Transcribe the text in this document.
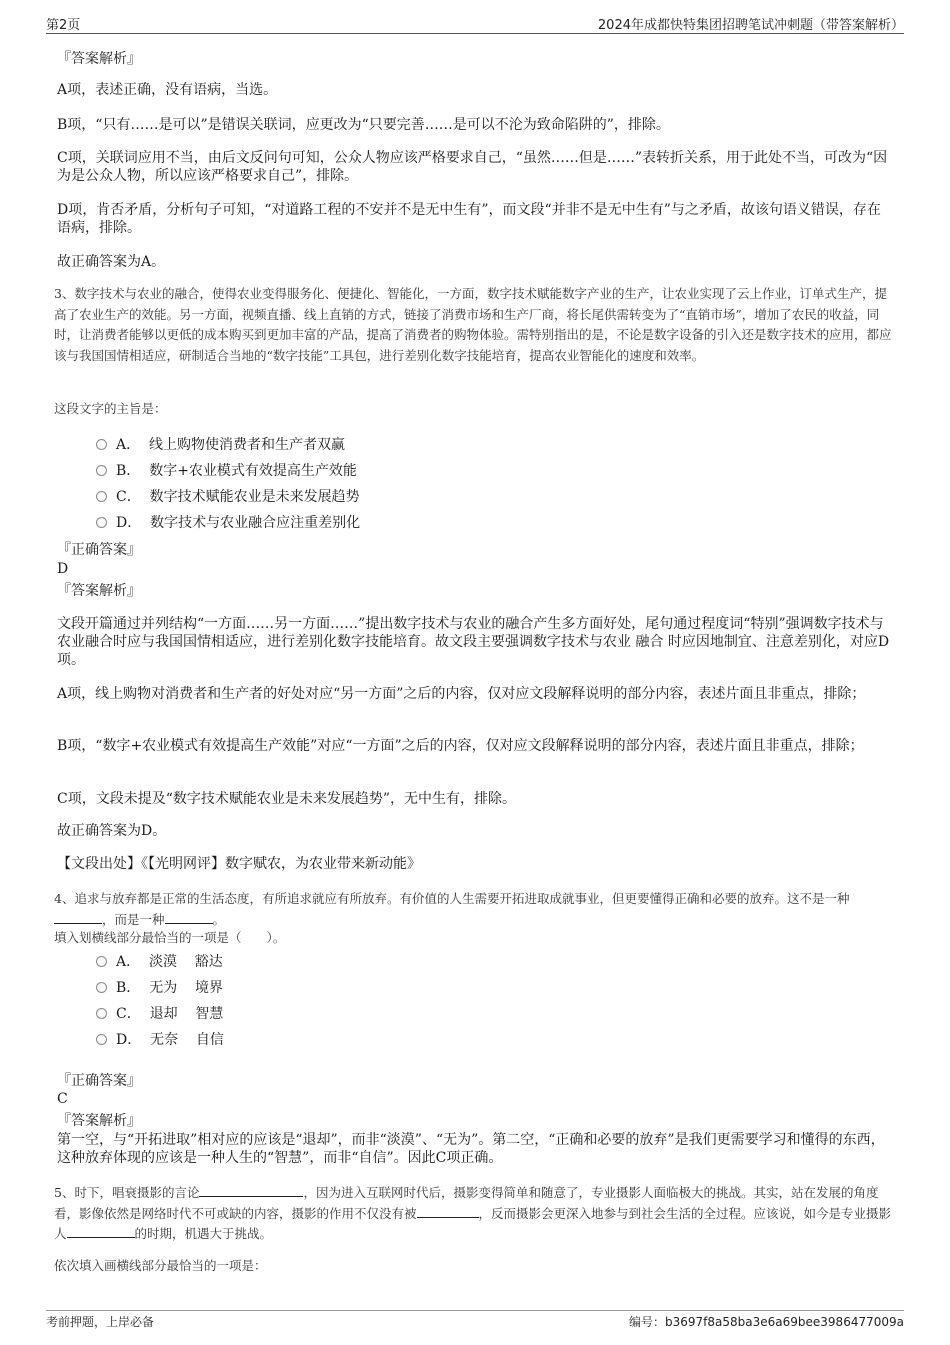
第2页	2024年成都快特集团招聘笔试冲刺题（带答案解析）
『答案解析』
A项，表述正确，没有语病，当选。
B项，“只有……是可以”是错误关联词，应更改为“只要完善……是可以不沦为致命陷阱的”，排除。
C项，关联词应用不当，由后文反问句可知，公众人物应该严格要求自己，“虽然……但是……”表转折关系，用于此处不当，可改为“因为是公众人物，所以应该严格要求自己”，排除。
D项，肯否矛盾，分析句子可知，“对道路工程的不安并不是无中生有”，而文段“并非不是无中生有”与之矛盾，故该句语义错误，存在语病，排除。
故正确答案为A。
3、数字技术与农业的融合，使得农业变得服务化、便捷化、智能化，一方面，数字技术赋能数字产业的生产，让农业实现了云上作业，订单式生产，提高了农业生产的效能。另一方面，视频直播、线上直销的方式，链接了消费市场和生产厂商，将长尾供需转变为了“直销市场”，增加了农民的收益，同时，让消费者能够以更低的成本购买到更加丰富的产品，提高了消费者的购物体验。需特别指出的是，不论是数字设备的引入还是数字技术的应用，都应该与我国国情相适应，研制适合当地的“数字技能”工具包，进行差别化数字技能培育，提高农业智能化的速度和效率。
这段文字的主旨是：
A．  线上购物使消费者和生产者双赢
B．  数字+农业模式有效提高生产效能
C．  数字技术赋能农业是未来发展趋势
D．  数字技术与农业融合应注重差别化
『正确答案』
D
『答案解析』
文段开篇通过并列结构“一方面……另一方面……”提出数字技术与农业的融合产生多方面好处，尾句通过程度词“特别”强调数字技术与农业融合时应与我国国情相适应，进行差别化数字技能培育。故文段主要强调数字技术与农业 融合 时应因地制宜、注意差别化，对应D项。
A项，线上购物对消费者和生产者的好处对应“另一方面”之后的内容，仅对应文段解释说明的部分内容，表述片面且非重点，排除；
B项，“数字+农业模式有效提高生产效能”对应“一方面”之后的内容，仅对应文段解释说明的部分内容，表述片面且非重点，排除；
C项，文段未提及“数字技术赋能农业是未来发展趋势”，无中生有，排除。
故正确答案为D。
【文段出处】《【光明网评】数字赋农，为农业带来新动能》
4、追求与放弃都是正常的生活态度，有所追求就应有所放弃。有价值的人生需要开拓进取成就事业，但更要懂得正确和必要的放弃。这不是一种，而是一种	。
填入划横线部分最恰当的一项是（　　）。
A．  淡漠    豁达
B．  无为    境界
C．  退却    智慧
D．  无奈    自信
『正确答案』
C
『答案解析』
第一空，与“开拓进取”相对应的应该是“退却”，而非“淡漠”、“无为”。第二空，“正确和必要的放弃”是我们更需要学习和懂得的东西，这种放弃体现的应该是一种人生的“智慧”，而非“自信”。因此C项正确。
5、时下，唱衰摄影的言论	，因为进入互联网时代后，摄影变得简单和随意了，专业摄影人面临极大的挑战。其实，站在发展的角度看，影像依然是网络时代不可或缺的内容，摄影的作用不仅没有被	，反而摄影会更深入地参与到社会生活的全过程。应该说，如今是专业摄影人	的时期，机遇大于挑战。
依次填入画横线部分最恰当的一项是：
考前押题，上岸必备	编号：b3697f8a58ba3e6a69bee3986477009a
